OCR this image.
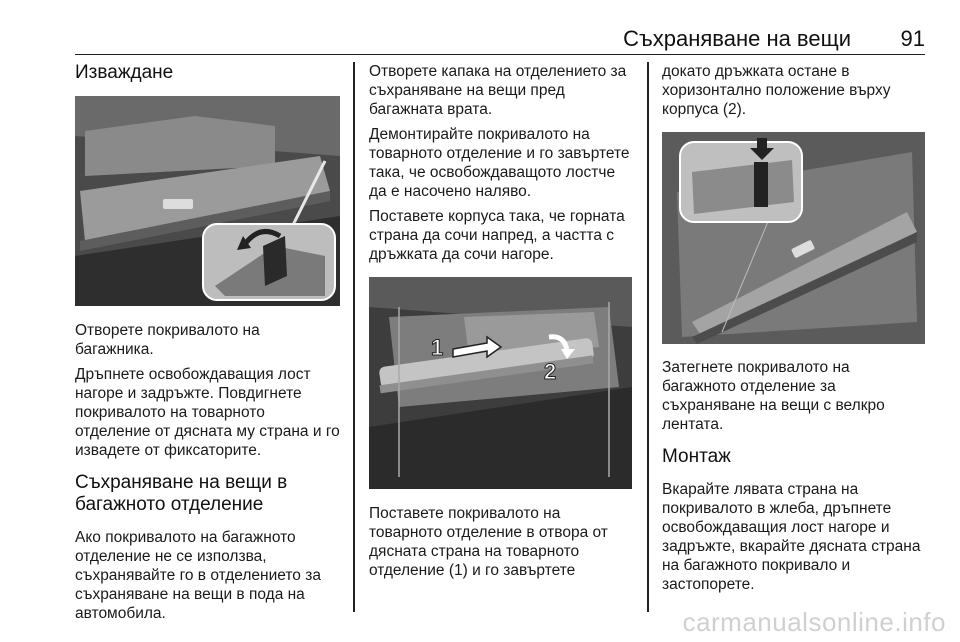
Съхраняване на вещи 91

Изваждане

Отворете покривалото на багажника.

Дръпнете освобождаващия лост нагоре и задръжте. Повдигнете покривалото на товарното отделение от дясната му страна и го извадете от фиксаторите.

Съхраняване на вещи в багажното отделение

Ако покривалото на багажното отделение не се използва, съхранявайте го в отделението за съхраняване на вещи в пода на автомобила.

Отворете капака на отделението за съхраняване на вещи пред багажната врата.

Демонтирайте покривалото на товарното отделение и го завъртете така, че освобождаващото лостче да е насочено наляво.

Поставете корпуса така, че горната страна да сочи напред, а частта с дръжката да сочи нагоре.

1
2

Поставете покривалото на товарното отделение в отвора от дясната страна на товарното отделение (1) и го завъртете

докато дръжката остане в хоризонтално положение върху корпуса (2).

Затегнете покривалото на багажното отделение за съхраняване на вещи с велкро лентата.

Монтаж

Вкарайте лявата страна на покривалото в жлеба, дръпнете освобождаващия лост нагоре и задръжте, вкарайте дясната страна на багажното покривало и застопорете.

carmanualsonline.info
